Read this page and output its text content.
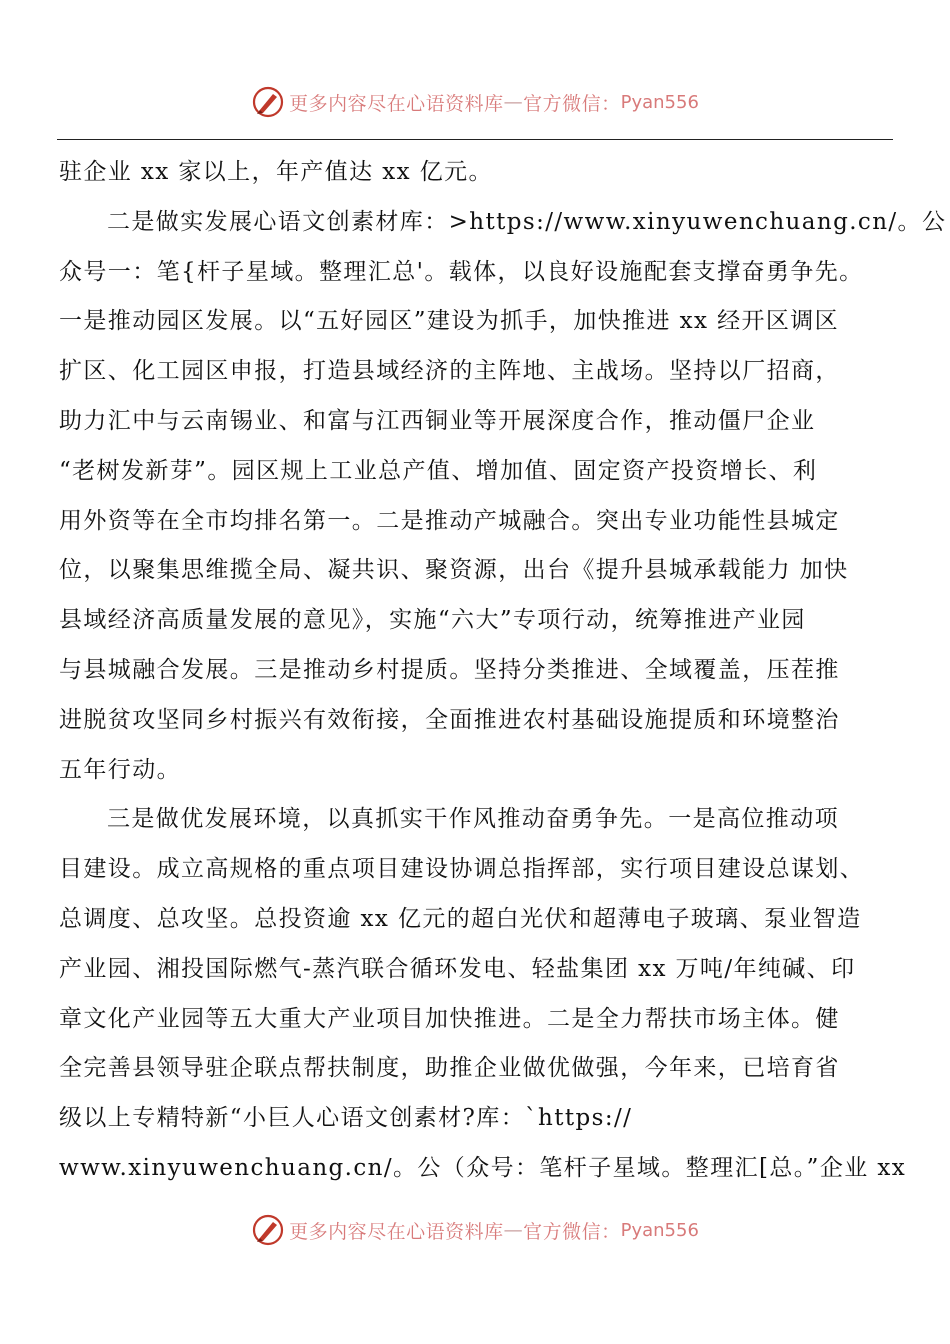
更多内容尽在心语资料库 — 官方微信： Pyan556
驻企业 xx 家以上，年产值达 xx 亿元。
二是做实发展心语文创素材库：>https://www.xinyuwenchuang.cn/。公
众号一：笔{杆子星域。整理汇总'。载体，以良好设施配套支撑奋勇争先。
一是推动园区发展。以“五好园区”建设为抓手，加快推进 xx 经开区调区
扩区、化工园区申报，打造县域经济的主阵地、主战场。坚持以厂招商，
助力汇中与云南锡业、和富与江西铜业等开展深度合作，推动僵尸企业
“老树发新芽”。园区规上工业总产值、增加值、固定资产投资增长、利
用外资等在全市均排名第一。二是推动产城融合。突出专业功能性县城定
位，以聚集思维揽全局、凝共识、聚资源，出台《提升县城承载能力 加快
县域经济高质量发展的意见》，实施“六大”专项行动，统筹推进产业园
与县城融合发展。三是推动乡村提质。坚持分类推进、全域覆盖，压茬推
进脱贫攻坚同乡村振兴有效衔接，全面推进农村基础设施提质和环境整治
五年行动。
三是做优发展环境，以真抓实干作风推动奋勇争先。一是高位推动项
目建设。成立高规格的重点项目建设协调总指挥部，实行项目建设总谋划、
总调度、总攻坚。总投资逾 xx 亿元的超白光伏和超薄电子玻璃、泵业智造
产业园、湘投国际燃气-蒸汽联合循环发电、轻盐集团 xx 万吨/年纯碱、印
章文化产业园等五大重大产业项目加快推进。二是全力帮扶市场主体。健
全完善县领导驻企联点帮扶制度，助推企业做优做强，今年来，已培育省
级以上专精特新“小巨人心语文创素材?库：`https://
www.xinyuwenchuang.cn/。公（众号：笔杆子星域。整理汇[总。”企业 xx
更多内容尽在心语资料库 — 官方微信： Pyan556
